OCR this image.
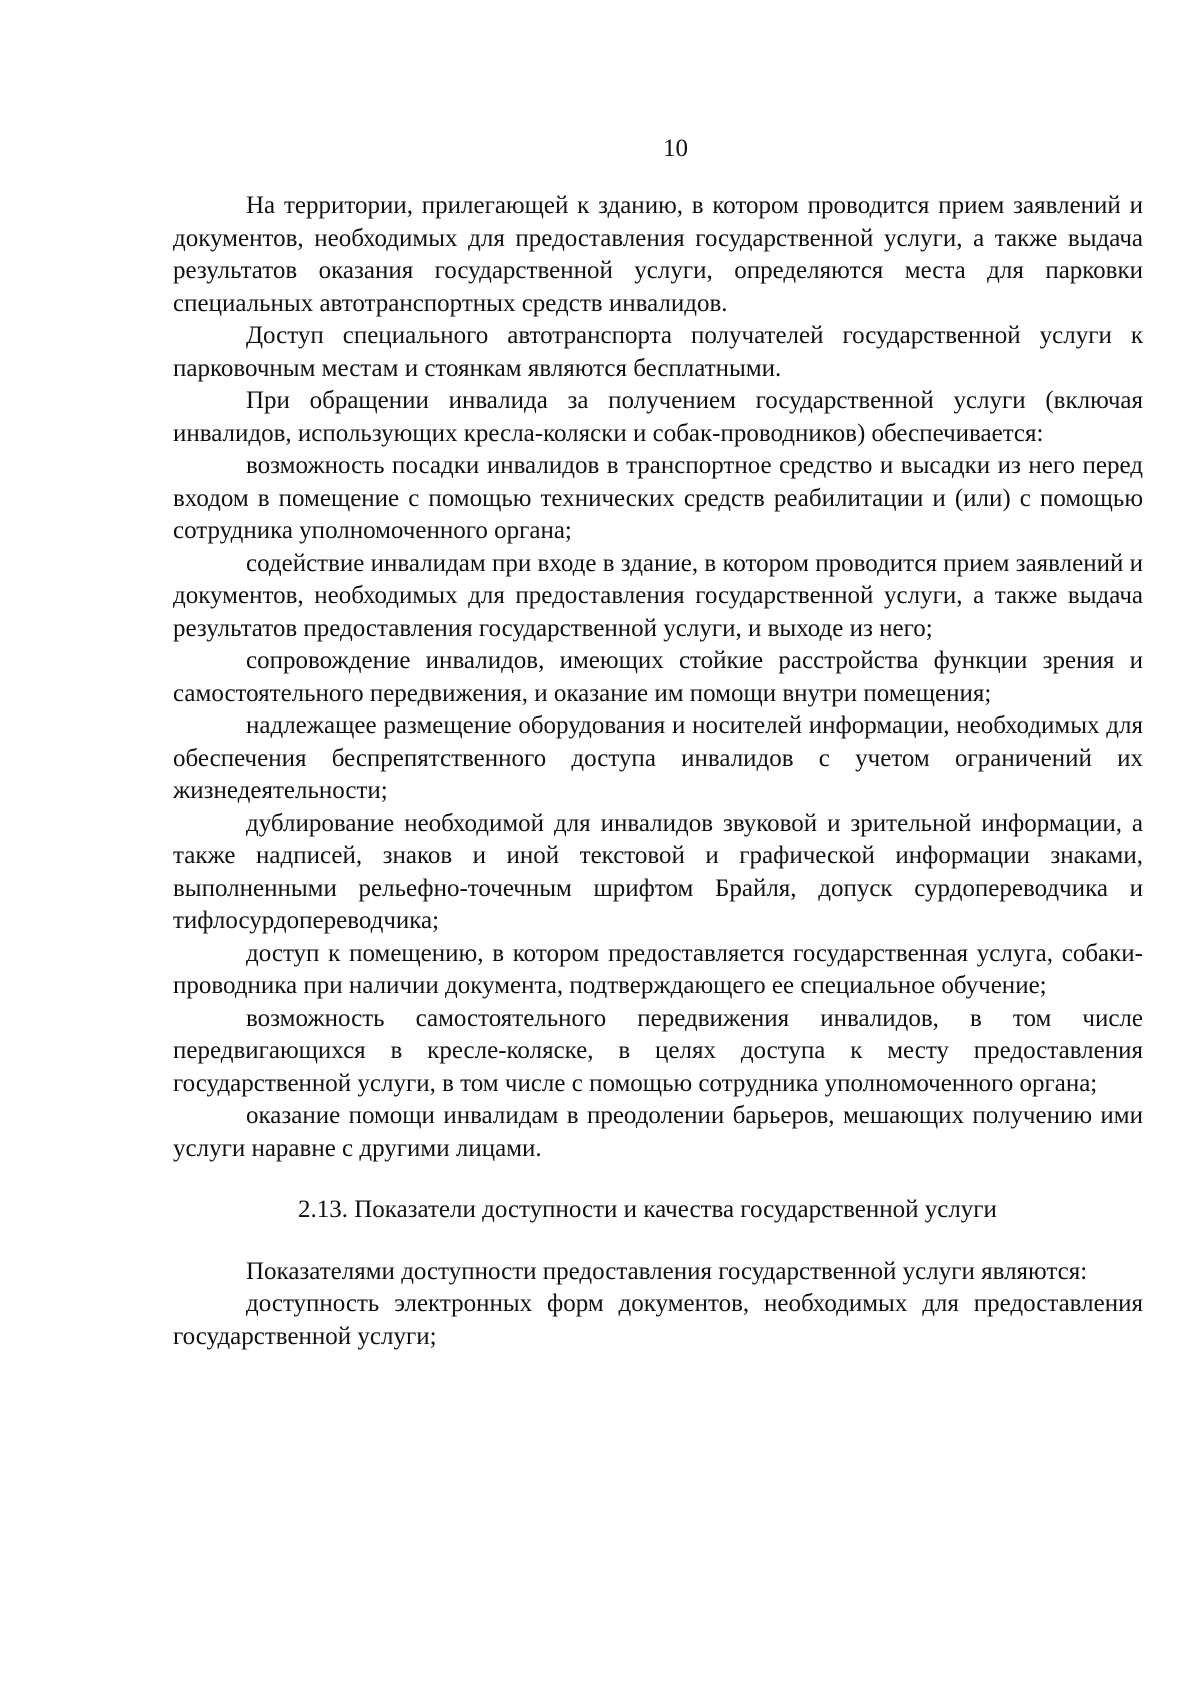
10

На территории, прилегающей к зданию, в котором проводится прием заявлений и документов, необходимых для предоставления государственной услуги, а также выдача результатов оказания государственной услуги, определяются места для парковки специальных автотранспортных средств инвалидов.

Доступ специального автотранспорта получателей государственной услуги к парковочным местам и стоянкам являются бесплатными.

При обращении инвалида за получением государственной услуги (включая инвалидов, использующих кресла-коляски и собак-проводников) обеспечивается:

возможность посадки инвалидов в транспортное средство и высадки из него перед входом в помещение с помощью технических средств реабилитации и (или) с помощью сотрудника уполномоченного органа;

содействие инвалидам при входе в здание, в котором проводится прием заявлений и документов, необходимых для предоставления государственной услуги, а также выдача результатов предоставления государственной услуги, и выходе из него;

сопровождение инвалидов, имеющих стойкие расстройства функции зрения и самостоятельного передвижения, и оказание им помощи внутри помещения;

надлежащее размещение оборудования и носителей информации, необходимых для обеспечения беспрепятственного доступа инвалидов с учетом ограничений их жизнедеятельности;

дублирование необходимой для инвалидов звуковой и зрительной информации, а также надписей, знаков и иной текстовой и графической информации знаками, выполненными рельефно-точечным шрифтом Брайля, допуск сурдопереводчика и тифлосурдопереводчика;

доступ к помещению, в котором предоставляется государственная услуга, собаки-проводника при наличии документа, подтверждающего ее специальное обучение;

возможность самостоятельного передвижения инвалидов, в том числе передвигающихся в кресле-коляске, в целях доступа к месту предоставления государственной услуги, в том числе с помощью сотрудника уполномоченного органа;

оказание помощи инвалидам в преодолении барьеров, мешающих получению ими услуги наравне с другими лицами.

2.13. Показатели доступности и качества государственной услуги

Показателями доступности предоставления государственной услуги являются:

доступность электронных форм документов, необходимых для предоставления государственной услуги;
